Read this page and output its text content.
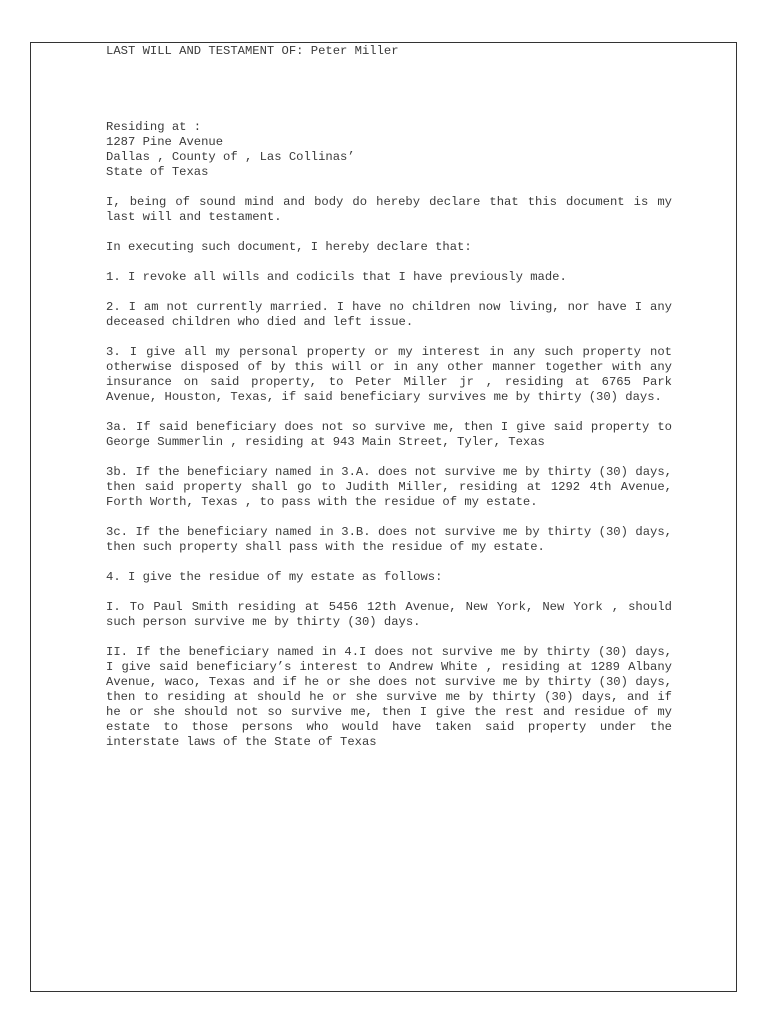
LAST WILL AND TESTAMENT OF: Peter Miller
Residing at :
1287 Pine Avenue
Dallas , County of , Las Collinas’
State of Texas

I, being of sound mind and body do hereby declare that this document is my last will and testament.

In executing such document, I hereby declare that:

1. I revoke all wills and codicils that I have previously made.

2. I am not currently married. I have no children now living, nor have I any deceased children who died and left issue.

3. I give all my personal property or my interest in any such property not otherwise disposed of by this will or in any other manner together with any insurance on said property, to Peter Miller jr , residing at 6765 Park Avenue, Houston, Texas, if said beneficiary survives me by thirty (30) days.

3a. If said beneficiary does not so survive me, then I give said property to George Summerlin , residing at 943 Main Street, Tyler, Texas

3b. If the beneficiary named in 3.A. does not survive me by thirty (30) days, then said property shall go to Judith Miller, residing at 1292 4th Avenue, Forth Worth, Texas , to pass with the residue of my estate.

3c. If the beneficiary named in 3.B. does not survive me by thirty (30) days, then such property shall pass with the residue of my estate.

4. I give the residue of my estate as follows:

I. To Paul Smith residing at 5456 12th Avenue, New York, New York , should such person survive me by thirty (30) days.

II. If the beneficiary named in 4.I does not survive me by thirty (30) days, I give said beneficiary’s interest to Andrew White , residing at 1289 Albany Avenue, waco, Texas and if he or she does not survive me by thirty (30) days, then to residing at should he or she survive me by thirty (30) days, and if he or she should not so survive me, then I give the rest and residue of my estate to those persons who would have taken said property under the interstate laws of the State of Texas
